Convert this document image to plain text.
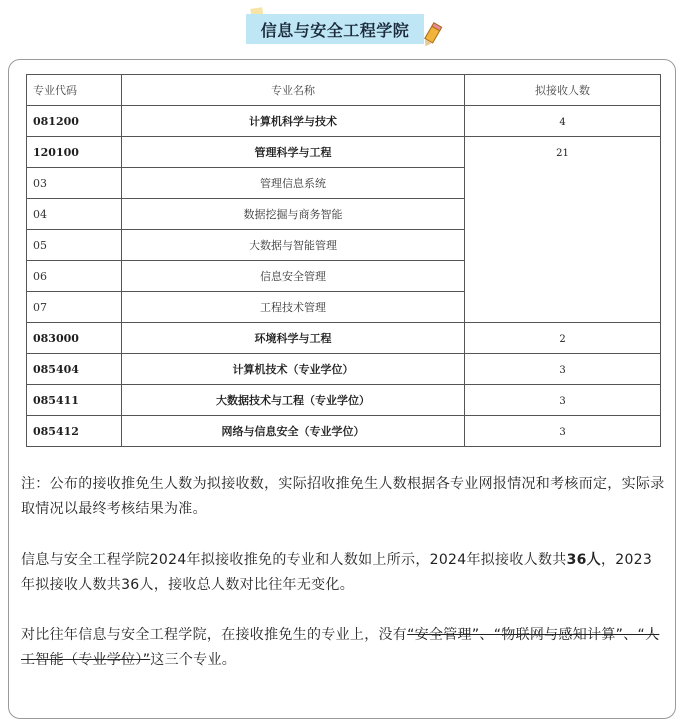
信息与安全工程学院
专业代码	专业名称	拟接收人数
081200	计算机科学与技术	4
120100	管理科学与工程	21
03	管理信息系统	
04	数据挖掘与商务智能	
05	大数据与智能管理	
06	信息安全管理	
07	工程技术管理	
083000	环境科学与工程	2
085404	计算机技术（专业学位）	3
085411	大数据技术与工程（专业学位）	3
085412	网络与信息安全（专业学位）	3
注：公布的接收推免生人数为拟接收数，实际招收推免生人数根据各专业网报情况和考核而定，实际录取情况以最终考核结果为准。
信息与安全工程学院2024年拟接收推免的专业和人数如上所示，2024年拟接收人数共36人，2023年拟接收人数共36人，接收总人数对比往年无变化。
对比往年信息与安全工程学院，在接收推免生的专业上，没有“安全管理”、“物联网与感知计算”、“人工智能（专业学位）”这三个专业。
